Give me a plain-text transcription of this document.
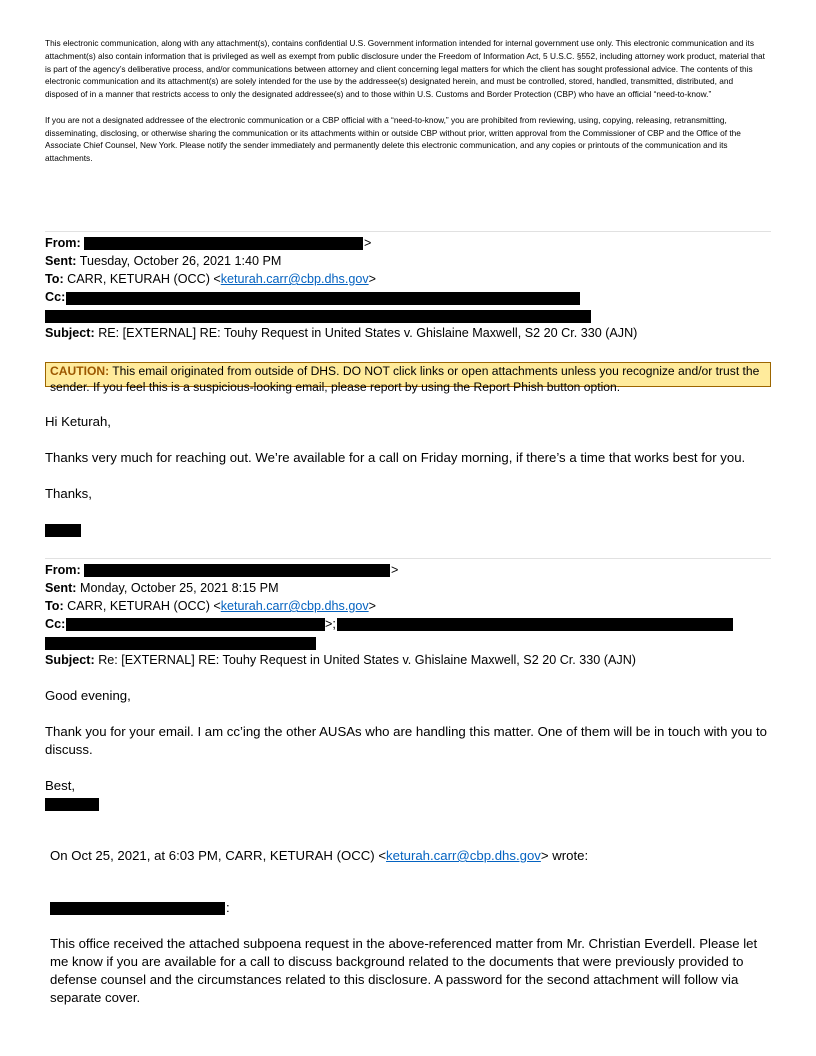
This electronic communication, along with any attachment(s), contains confidential U.S. Government information intended for internal government use only. This electronic communication and its attachment(s) also contain information that is privileged as well as exempt from public disclosure under the Freedom of Information Act, 5 U.S.C. §552, including attorney work product, material that is part of the agency’s deliberative process, and/or communications between attorney and client concerning legal matters for which the client has sought professional advice. The contents of this electronic communication and its attachment(s) are solely intended for the use by the addressee(s) designated herein, and must be controlled, stored, handled, transmitted, distributed, and disposed of in a manner that restricts access to only the designated addressee(s) and to those within U.S. Customs and Border Protection (CBP) who have an official “need-to-know.”

If you are not a designated addressee of the electronic communication or a CBP official with a “need-to-know,” you are prohibited from reviewing, using, copying, releasing, retransmitting, disseminating, disclosing, or otherwise sharing the communication or its attachments within or outside CBP without prior, written approval from the Commissioner of CBP and the Office of the Associate Chief Counsel, New York. Please notify the sender immediately and permanently delete this electronic communication, and any copies or printouts of the communication and its attachments.

From:	>
Sent: Tuesday, October 26, 2021 1:40 PM
To: CARR, KETURAH (OCC) <keturah.carr@cbp.dhs.gov>
Cc:
Subject: RE: [EXTERNAL] RE: Touhy Request in United States v. Ghislaine Maxwell, S2 20 Cr. 330 (AJN)
CAUTION: This email originated from outside of DHS. DO NOT click links or open attachments unless you recognize and/or trust the sender. If you feel this is a suspicious-looking email, please report by using the Report Phish button option.
Hi Keturah,
Thanks very much for reaching out. We’re available for a call on Friday morning, if there’s a time that works best for you.
Thanks,
From:	>
Sent: Monday, October 25, 2021 8:15 PM
To: CARR, KETURAH (OCC) <keturah.carr@cbp.dhs.gov>
Cc:	>;
Subject: Re: [EXTERNAL] RE: Touhy Request in United States v. Ghislaine Maxwell, S2 20 Cr. 330 (AJN)
Good evening,
Thank you for your email. I am cc’ing the other AUSAs who are handling this matter. One of them will be in touch with you to discuss.
Best,
On Oct 25, 2021, at 6:03 PM, CARR, KETURAH (OCC) <keturah.carr@cbp.dhs.gov> wrote:
:
This office received the attached subpoena request in the above-referenced matter from Mr. Christian Everdell. Please let me know if you are available for a call to discuss background related to the documents that were previously provided to defense counsel and the circumstances related to this disclosure. A password for the second attachment will follow via separate cover.
